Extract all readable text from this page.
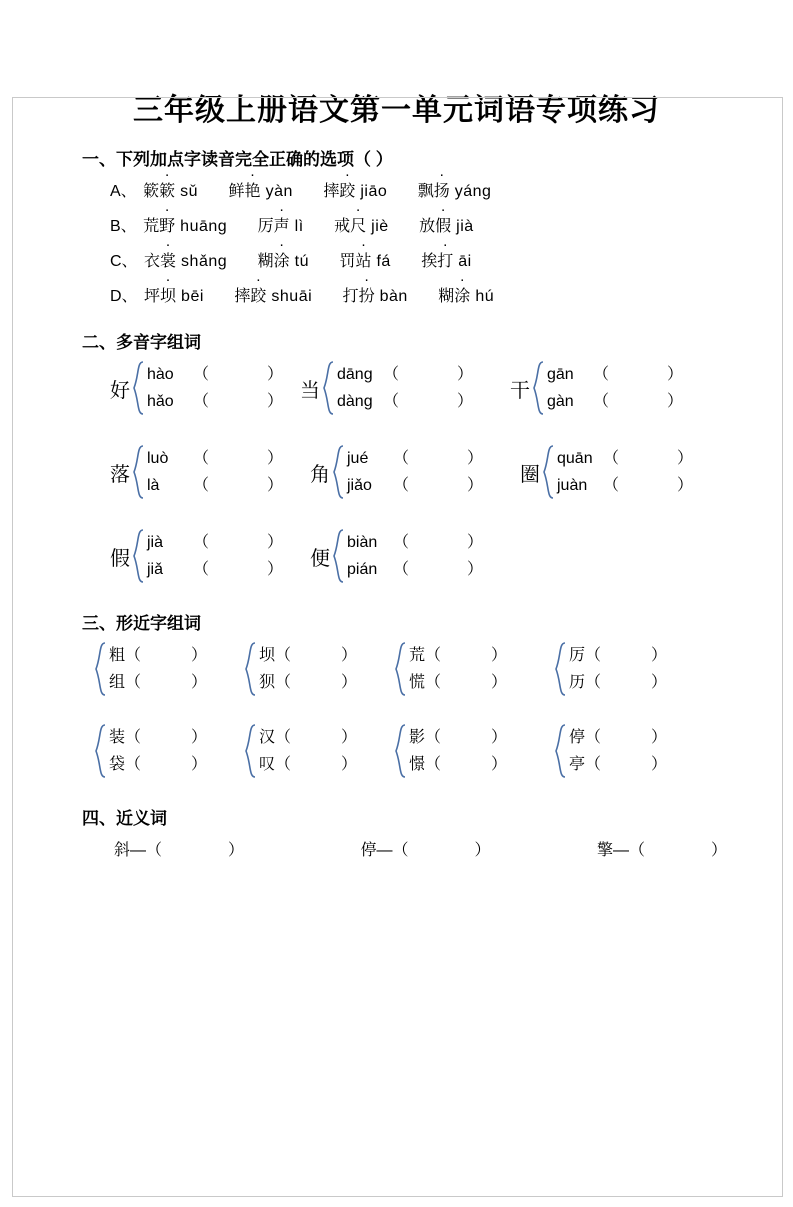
三年级上册语文第一单元词语专项练习
一、下列加点字读音完全正确的选项（ ）
A、 簌簌 sǔ 鲜艳 yàn 摔跤 jiāo 飘扬 yáng
B、 荒野 huāng 厉声 lì 戒尺 jiè 放假 jià
C、 衣裳 shǎng 糊涂 tú 罚站 fá 挨打 āi
D、 坪坝 bēi 摔跤 shuāi 打扮 bàn 糊涂 hú
二、多音字组词
好
hào （	）
hǎo （	） 当
dāng （	）
dàng （	） 干
gān （	）
gàn （	）
落
luò （	）
là （	） 角
jué （	）
jiǎo （	） 圈
quān （	）
juàn （	）
假
jià （	）
jiǎ （	） 便
biàn （	）
pián （	）
三、形近字组词
粗（	）
组（	）
坝（	）
狈（	）
荒（	）
慌（	）
厉（	）
历（	）
装（	）
袋（	）
汉（	）
叹（	）
影（	）
憬（	）
停（	）
亭（	）
四、近义词
斜—（	）	停—（	）	擎—（	）
